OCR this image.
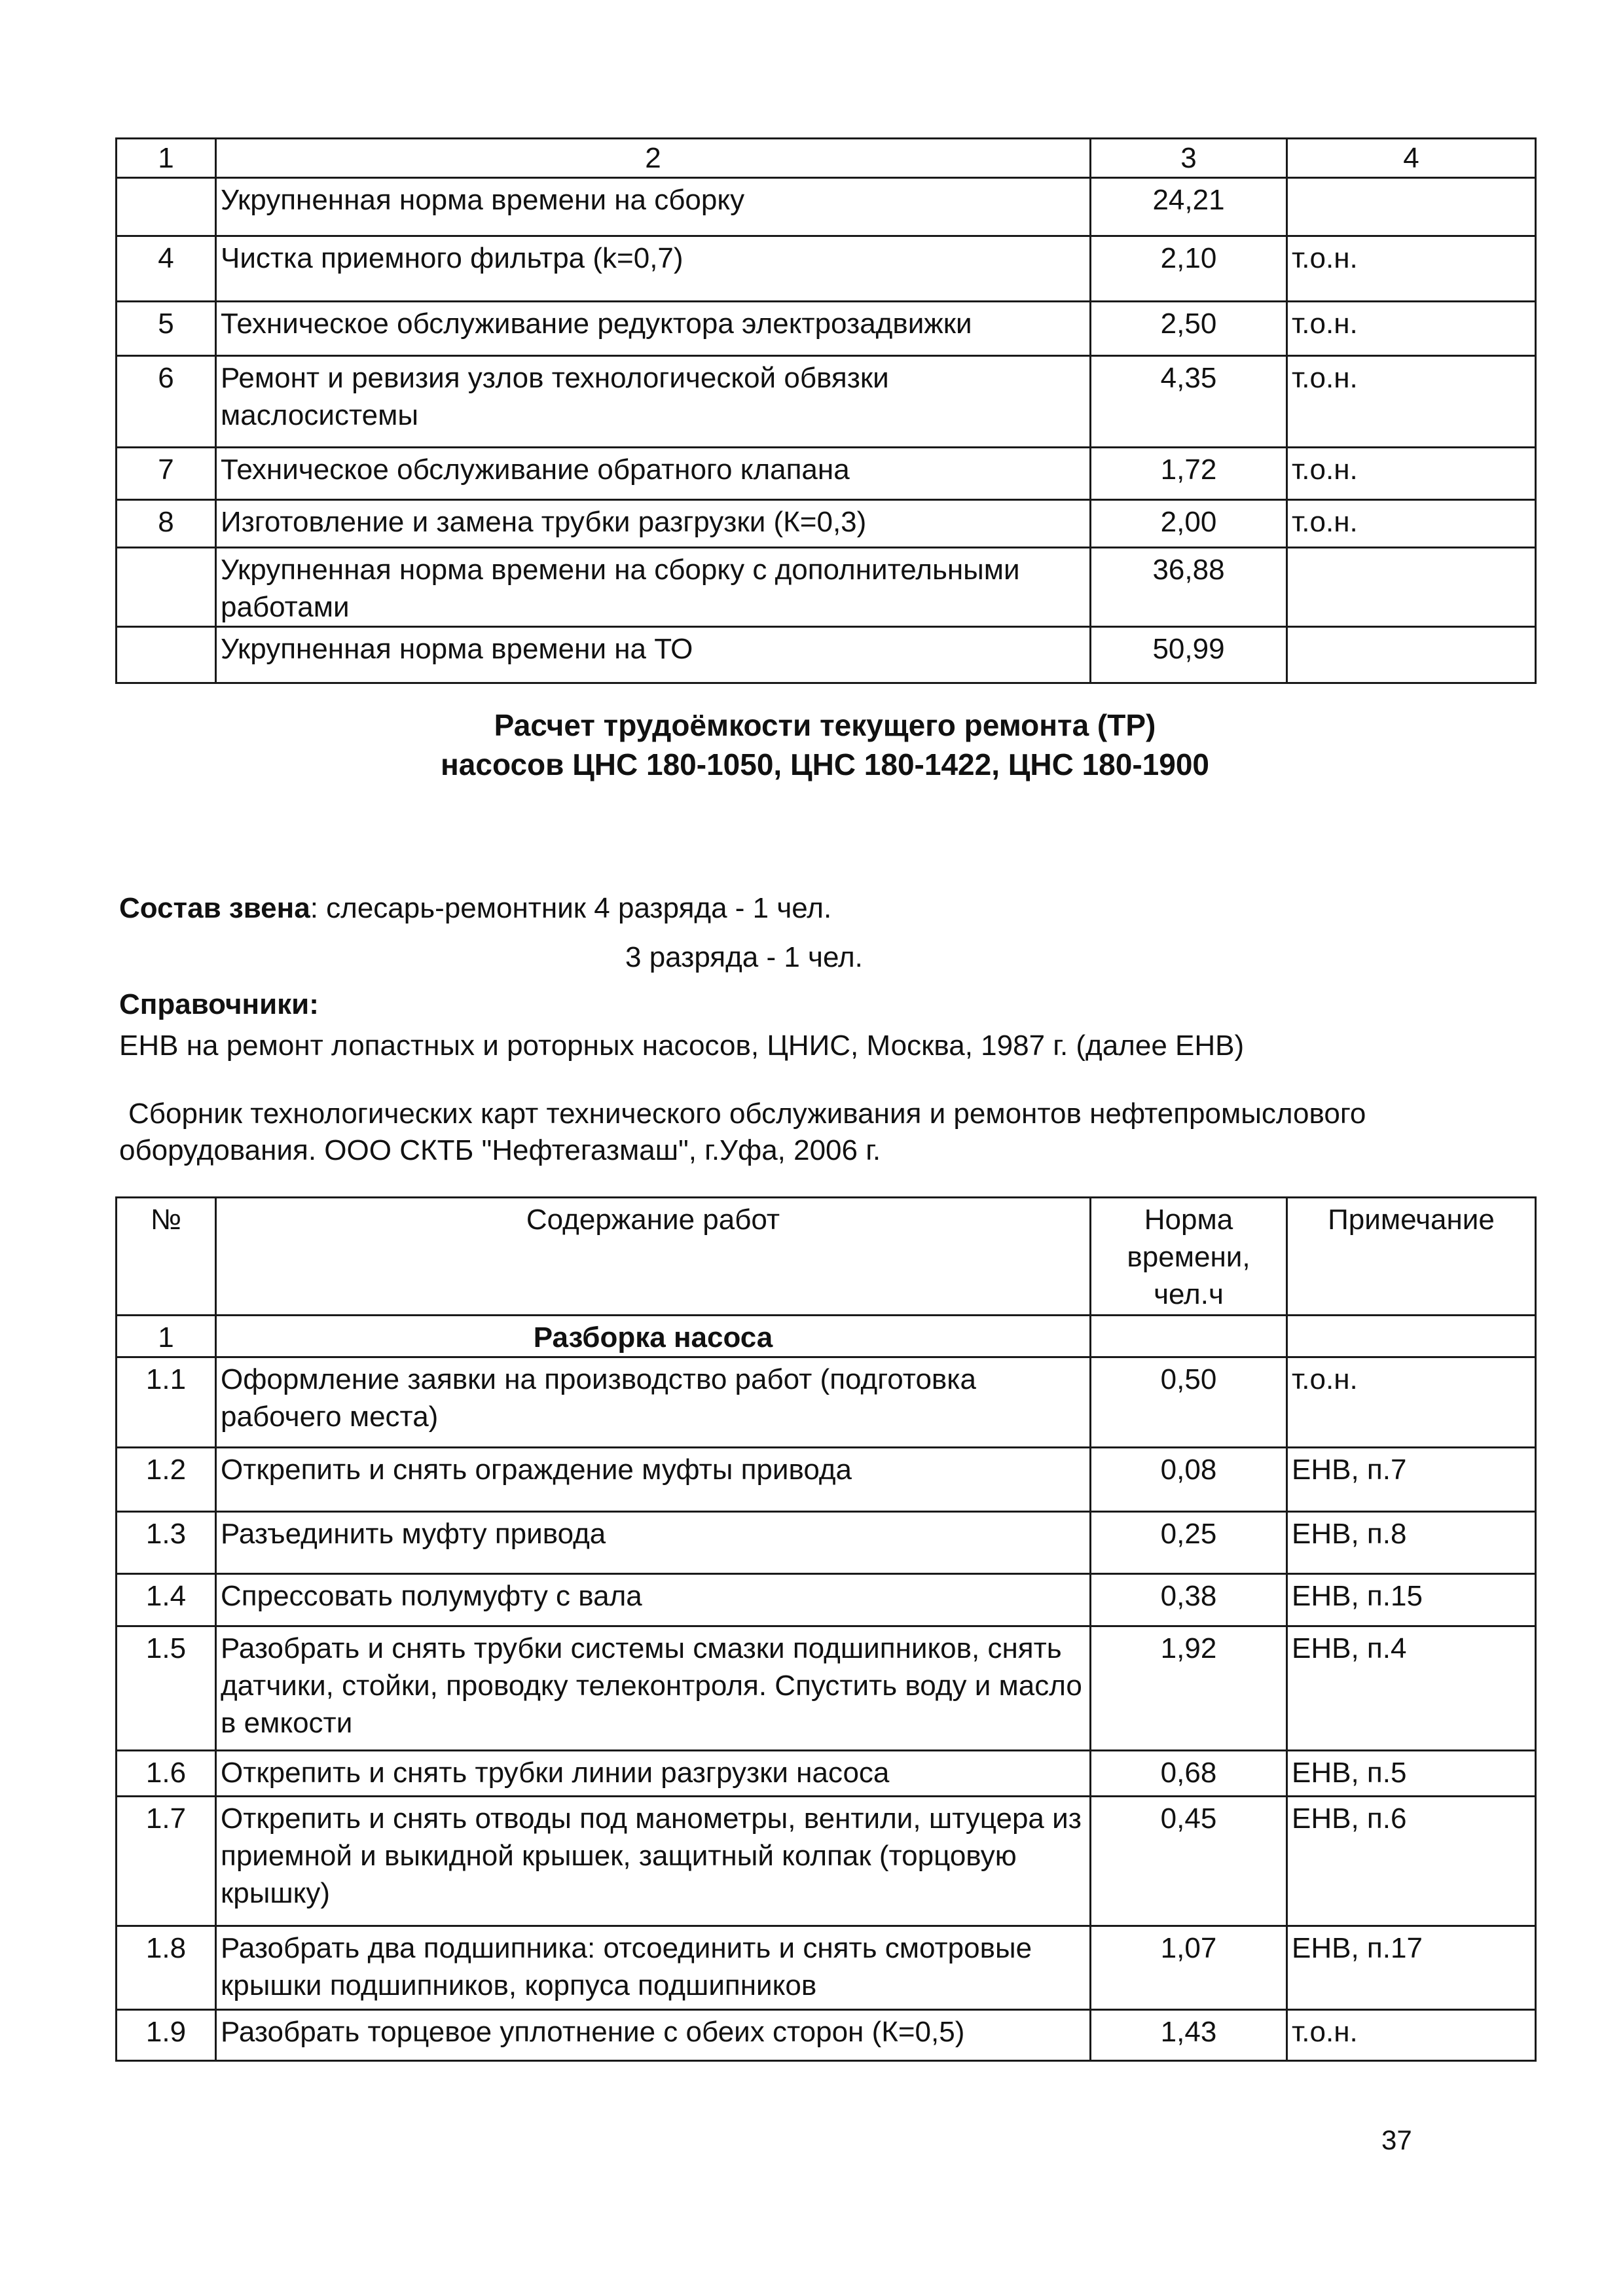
1	2	3	4
	Укрупненная норма времени на сборку	24,21	
4	Чистка приемного фильтра (k=0,7)	2,10	т.о.н.
5	Техническое обслуживание редуктора электрозадвижки	2,50	т.о.н.
6	Ремонт и ревизия узлов технологической обвязки маслосистемы	4,35	т.о.н.
7	Техническое обслуживание обратного клапана	1,72	т.о.н.
8	Изготовление и замена трубки разгрузки (К=0,3)	2,00	т.о.н.
	Укрупненная норма времени на сборку с дополнительными работами	36,88	
	Укрупненная норма времени на ТО	50,99	
Расчет трудоёмкости текущего ремонта (ТР)
насосов ЦНС 180-1050, ЦНС 180-1422, ЦНС 180-1900
Состав звена: слесарь-ремонтник 4 разряда - 1 чел.
3 разряда - 1 чел.
Справочники:
ЕНВ на ремонт лопастных и роторных насосов, ЦНИС, Москва, 1987 г. (далее ЕНВ)
Сборник технологических карт технического обслуживания и ремонтов нефтепромыслового
оборудования. ООО СКТБ "Нефтегазмаш", г.Уфа, 2006 г.
№	Содержание работ	Норма времени, чел.ч	Примечание
1	Разборка насоса		
1.1	Оформление заявки на производство работ (подготовка рабочего места)	0,50	т.о.н.
1.2	Открепить и снять ограждение муфты привода	0,08	ЕНВ, п.7
1.3	Разъединить муфту привода	0,25	ЕНВ, п.8
1.4	Спрессовать полумуфту с вала	0,38	ЕНВ, п.15
1.5	Разобрать и снять трубки системы смазки подшипников, снять датчики, стойки, проводку телеконтроля. Спустить воду и масло в емкости	1,92	ЕНВ, п.4
1.6	Открепить и снять трубки линии разгрузки насоса	0,68	ЕНВ, п.5
1.7	Открепить и снять отводы под манометры, вентили, штуцера из приемной и выкидной крышек, защитный колпак (торцовую крышку)	0,45	ЕНВ, п.6
1.8	Разобрать два подшипника: отсоединить и снять смотровые крышки подшипников, корпуса подшипников	1,07	ЕНВ, п.17
1.9	Разобрать торцевое уплотнение с обеих сторон (К=0,5)	1,43	т.о.н.
37
